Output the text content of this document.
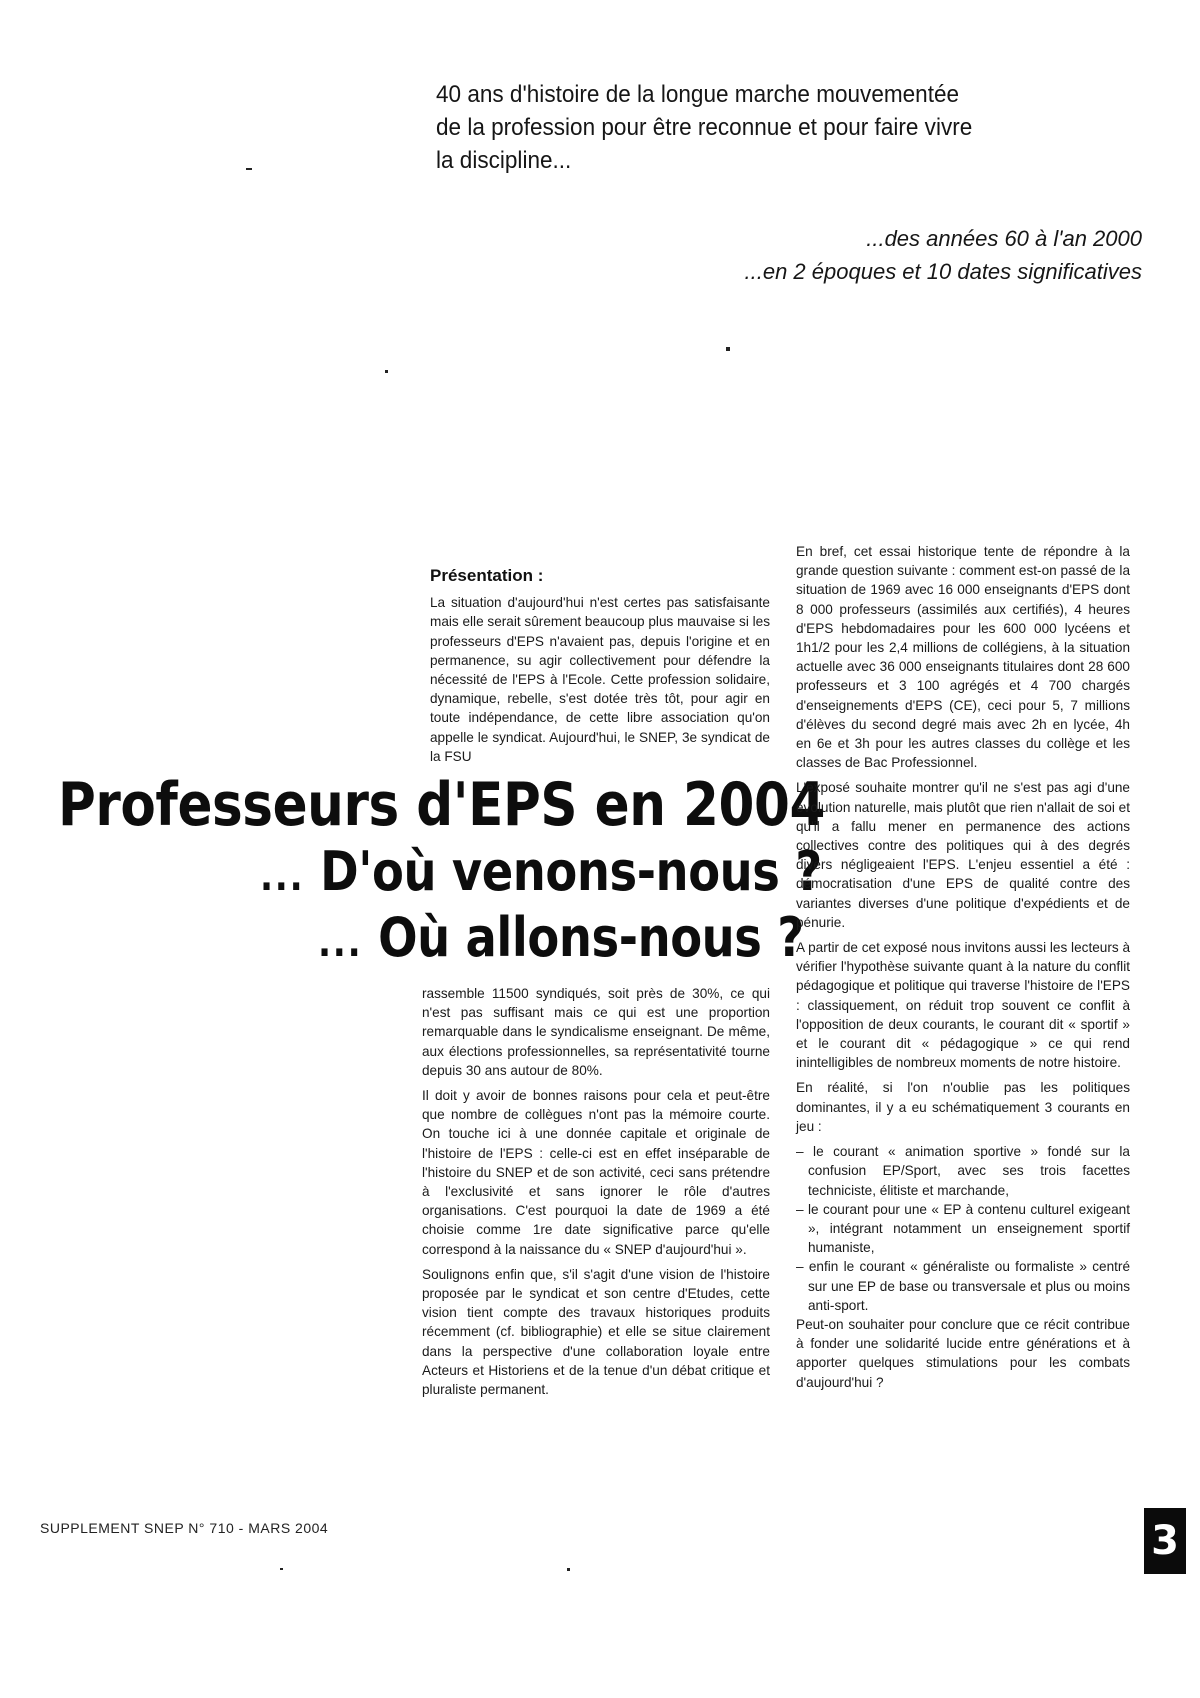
40 ans d'histoire de la longue marche mouvementée
de la profession pour être reconnue et pour faire vivre
la discipline...
...des années 60 à l'an 2000
...en 2 époques et 10 dates significatives
Présentation :

La situation d'aujourd'hui n'est certes pas satisfaisante mais elle serait sûrement beaucoup plus mauvaise si les professeurs d'EPS n'avaient pas, depuis l'origine et en permanence, su agir collectivement pour défendre la nécessité de l'EPS à l'Ecole. Cette profession solidaire, dynamique, rebelle, s'est dotée très tôt, pour agir en toute indépendance, de cette libre association qu'on appelle le syndicat. Aujourd'hui, le SNEP, 3e syndicat de la FSU

Professeurs d'EPS en 2004
... D'où venons-nous ?
... Où allons-nous ?

rassemble 11500 syndiqués, soit près de 30%, ce qui n'est pas suffisant mais ce qui est une proportion remarquable dans le syndicalisme enseignant. De même, aux élections professionnelles, sa représentativité tourne depuis 30 ans autour de 80%.

Il doit y avoir de bonnes raisons pour cela et peut-être que nombre de collègues n'ont pas la mémoire courte. On touche ici à une donnée capitale et originale de l'histoire de l'EPS : celle-ci est en effet inséparable de l'histoire du SNEP et de son activité, ceci sans prétendre à l'exclusivité et sans ignorer le rôle d'autres organisations. C'est pourquoi la date de 1969 a été choisie comme 1re date significative parce qu'elle correspond à la naissance du « SNEP d'aujourd'hui ».

Soulignons enfin que, s'il s'agit d'une vision de l'histoire proposée par le syndicat et son centre d'Etudes, cette vision tient compte des travaux historiques produits récemment (cf. bibliographie) et elle se situe clairement dans la perspective d'une collaboration loyale entre Acteurs et Historiens et de la tenue d'un débat critique et pluraliste permanent.

En bref, cet essai historique tente de répondre à la grande question suivante : comment est-on passé de la situation de 1969 avec 16 000 enseignants d'EPS dont 8 000 professeurs (assimilés aux certifiés), 4 heures d'EPS hebdomadaires pour les 600 000 lycéens et 1h1/2 pour les 2,4 millions de collégiens, à la situation actuelle avec 36 000 enseignants titulaires dont 28 600 professeurs et 3 100 agrégés et 4 700 chargés d'enseignements d'EPS (CE), ceci pour 5, 7 millions d'élèves du second degré mais avec 2h en lycée, 4h en 6e et 3h pour les autres classes du collège et les classes de Bac Professionnel.

L'exposé souhaite montrer qu'il ne s'est pas agi d'une évolution naturelle, mais plutôt que rien n'allait de soi et qu'il a fallu mener en permanence des actions collectives contre des politiques qui à des degrés divers négligeaient l'EPS. L'enjeu essentiel a été : démocratisation d'une EPS de qualité contre des variantes diverses d'une politique d'expédients et de pénurie.

A partir de cet exposé nous invitons aussi les lecteurs à vérifier l'hypothèse suivante quant à la nature du conflit pédagogique et politique qui traverse l'histoire de l'EPS : classiquement, on réduit trop souvent ce conflit à l'opposition de deux courants, le courant dit « sportif » et le courant dit « pédagogique » ce qui rend inintelligibles de nombreux moments de notre histoire.

En réalité, si l'on n'oublie pas les politiques dominantes, il y a eu schématiquement 3 courants en jeu :

– le courant « animation sportive » fondé sur la confusion EP/Sport, avec ses trois facettes techniciste, élitiste et marchande,
– le courant pour une « EP à contenu culturel exigeant », intégrant notamment un enseignement sportif humaniste,
– enfin le courant « généraliste ou formaliste » centré sur une EP de base ou transversale et plus ou moins anti-sport.

Peut-on souhaiter pour conclure que ce récit contribue à fonder une solidarité lucide entre générations et à apporter quelques stimulations pour les combats d'aujourd'hui ?

SUPPLEMENT SNEP N° 710 - MARS 2004	3
